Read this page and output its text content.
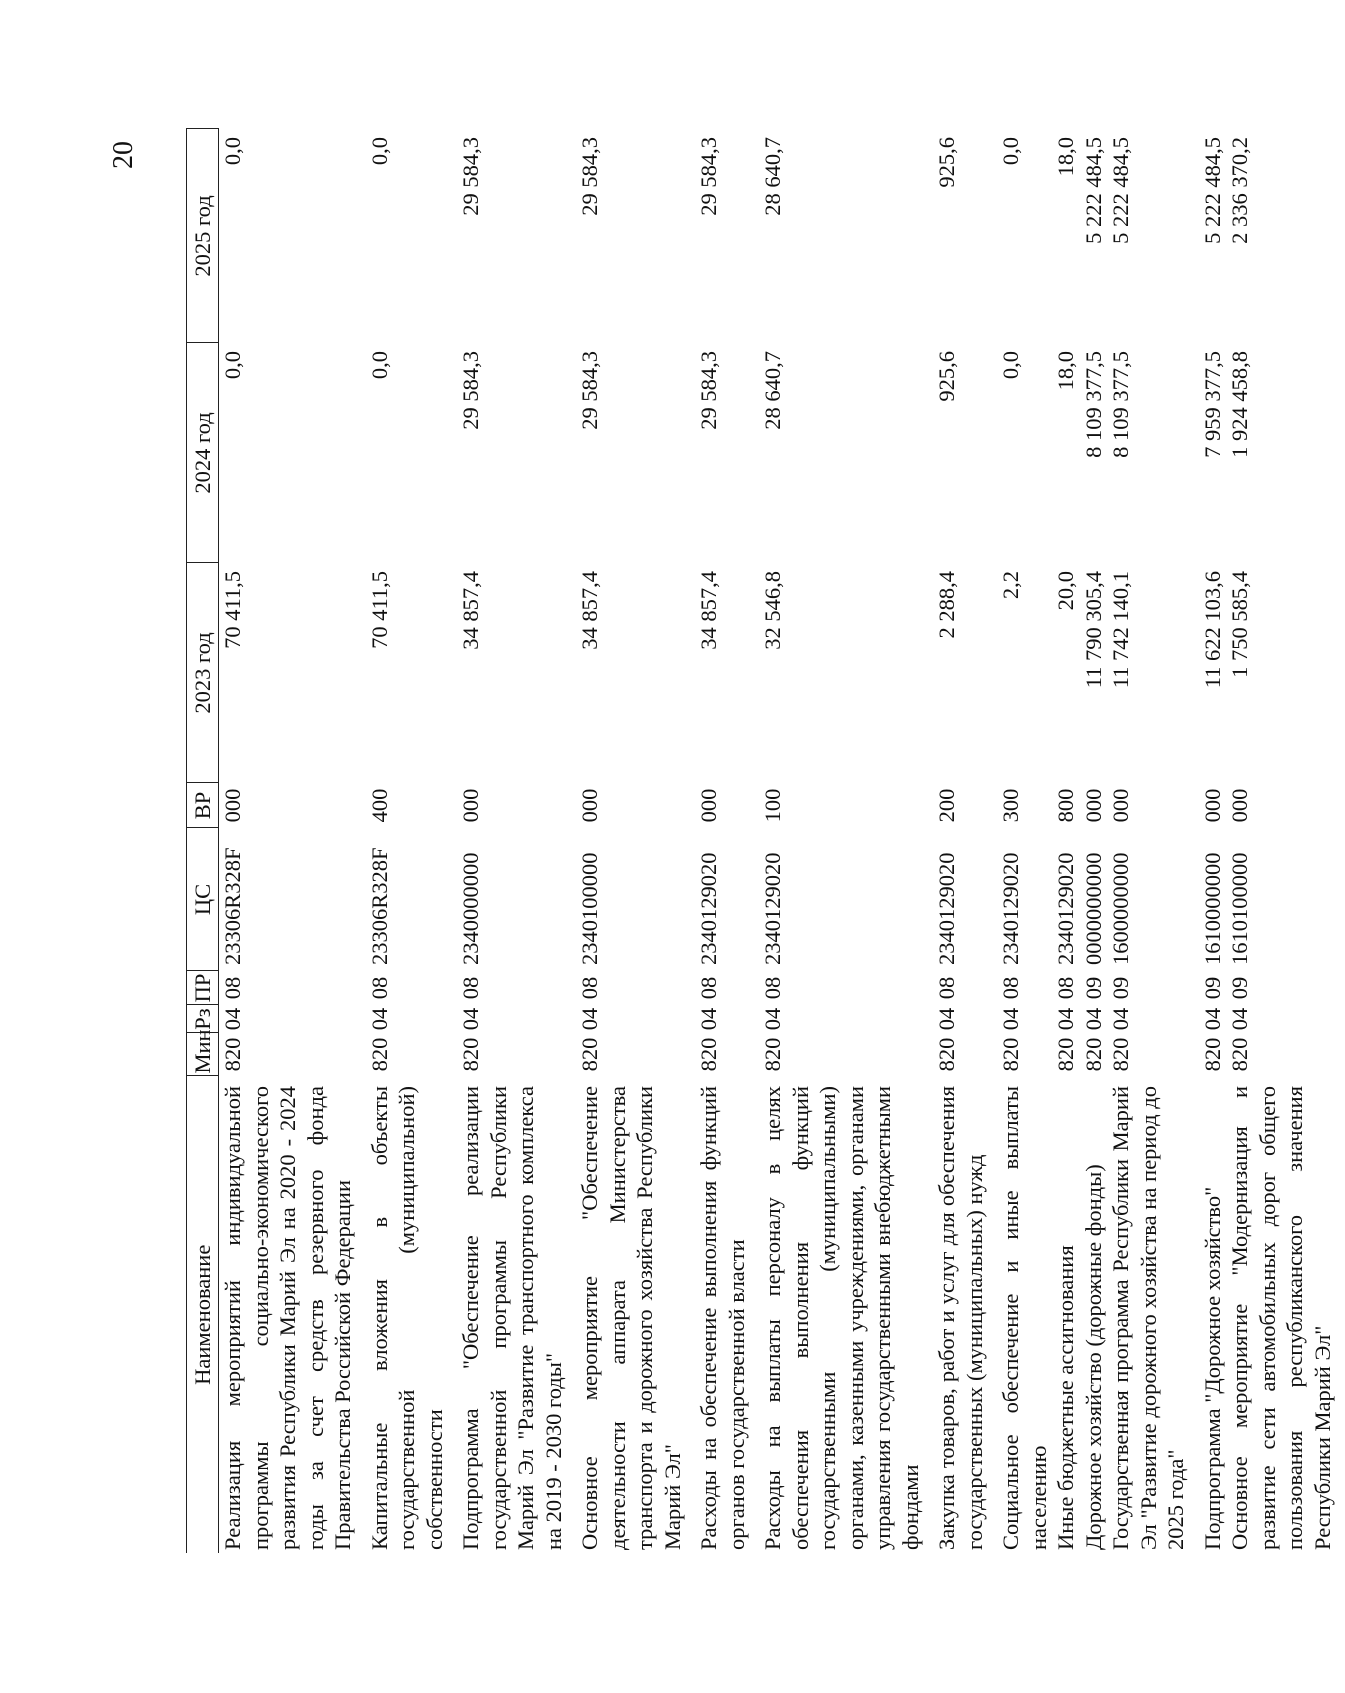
20
Наименование	Мин	Рз	ПР	ЦС	ВР	2023 год	2024 год	2025 год
Реализация мероприятий индивидуальной программы социально-экономического развития Республики Марий Эл на 2020 - 2024 годы за счет средств резервного фонда Правительства Российской Федерации	820	04	08	23306R328F	000	70 411,5	0,0	0,0
Капитальные вложения в объекты государственной (муниципальной) собственности	820	04	08	23306R328F	400	70 411,5	0,0	0,0
Подпрограмма "Обеспечение реализации государственной программы Республики Марий Эл "Развитие транспортного комплекса на 2019 - 2030 годы"	820	04	08	2340000000	000	34 857,4	29 584,3	29 584,3
Основное мероприятие "Обеспечение деятельности аппарата Министерства транспорта и дорожного хозяйства Республики Марий Эл"	820	04	08	2340100000	000	34 857,4	29 584,3	29 584,3
Расходы на обеспечение выполнения функций органов государственной власти	820	04	08	2340129020	000	34 857,4	29 584,3	29 584,3
Расходы на выплаты персоналу в целях обеспечения выполнения функций государственными (муниципальными) органами, казенными учреждениями, органами управления государственными внебюджетными фондами	820	04	08	2340129020	100	32 546,8	28 640,7	28 640,7
Закупка товаров, работ и услуг для обеспечения государственных (муниципальных) нужд	820	04	08	2340129020	200	2 288,4	925,6	925,6
Социальное обеспечение и иные выплаты населению	820	04	08	2340129020	300	2,2	0,0	0,0
Иные бюджетные ассигнования	820	04	08	2340129020	800	20,0	18,0	18,0
Дорожное хозяйство (дорожные фонды)	820	04	09	0000000000	000	11 790 305,4	8 109 377,5	5 222 484,5
Государственная программа Республики Марий Эл "Развитие дорожного хозяйства на период до 2025 года"	820	04	09	1600000000	000	11 742 140,1	8 109 377,5	5 222 484,5
Подпрограмма "Дорожное хозяйство"	820	04	09	1610000000	000	11 622 103,6	7 959 377,5	5 222 484,5
Основное мероприятие "Модернизация и развитие сети автомобильных дорог общего пользования республиканского значения Республики Марий Эл"	820	04	09	1610100000	000	1 750 585,4	1 924 458,8	2 336 370,2
